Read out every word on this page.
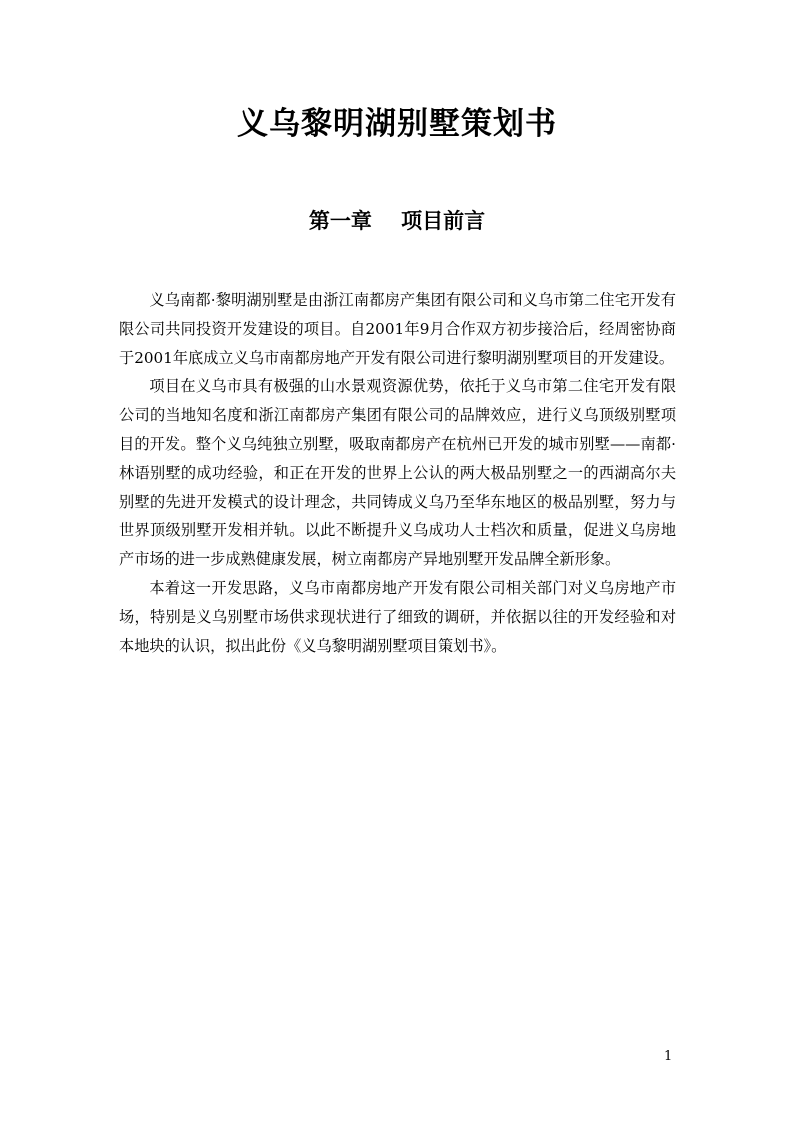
义乌黎明湖别墅策划书
第一章    项目前言

义乌南都·黎明湖别墅是由浙江南都房产集团有限公司和义乌市第二住宅开发有限公司共同投资开发建设的项目。自2001年9月合作双方初步接洽后，经周密协商于2001年底成立义乌市南都房地产开发有限公司进行黎明湖别墅项目的开发建设。

项目在义乌市具有极强的山水景观资源优势，依托于义乌市第二住宅开发有限公司的当地知名度和浙江南都房产集团有限公司的品牌效应，进行义乌顶级别墅项目的开发。整个义乌纯独立别墅，吸取南都房产在杭州已开发的城市别墅——南都·林语别墅的成功经验，和正在开发的世界上公认的两大极品别墅之一的西湖高尔夫别墅的先进开发模式的设计理念，共同铸成义乌乃至华东地区的极品别墅，努力与世界顶级别墅开发相并轨。以此不断提升义乌成功人士档次和质量，促进义乌房地产市场的进一步成熟健康发展，树立南都房产异地别墅开发品牌全新形象。

本着这一开发思路，义乌市南都房地产开发有限公司相关部门对义乌房地产市场，特别是义乌别墅市场供求现状进行了细致的调研，并依据以往的开发经验和对本地块的认识，拟出此份《义乌黎明湖别墅项目策划书》。

1
